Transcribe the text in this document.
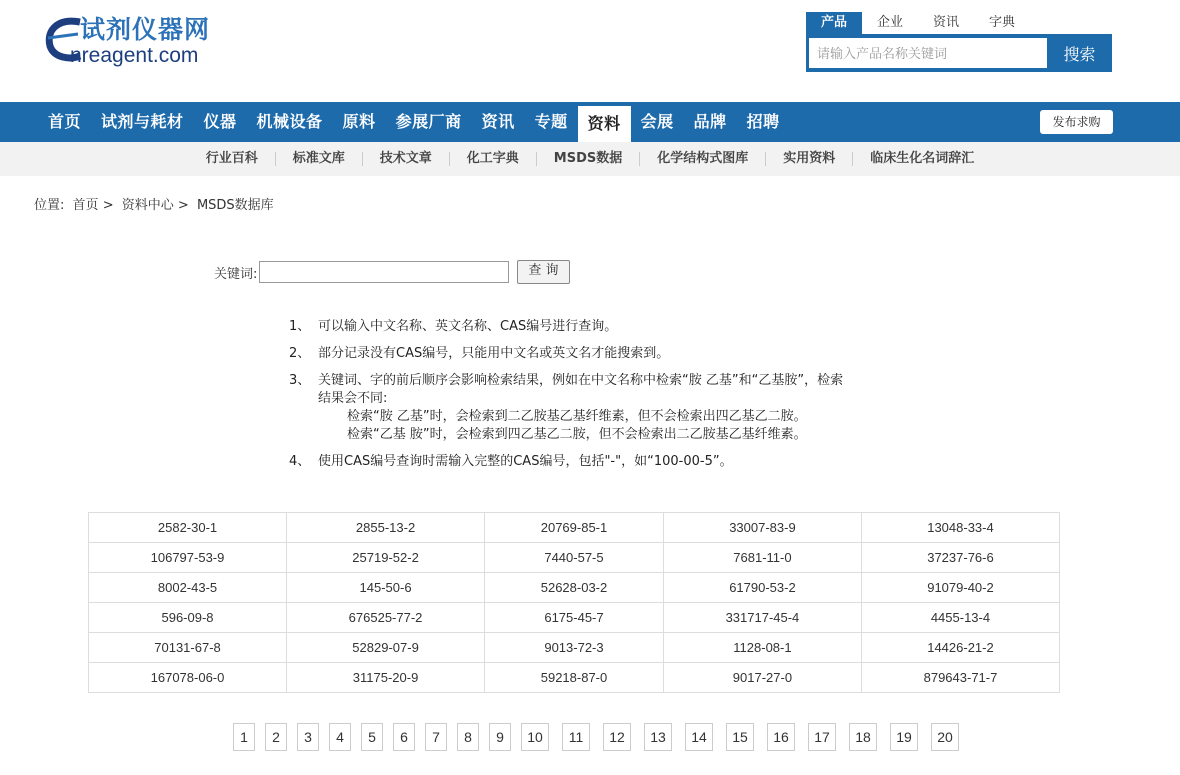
试剂仪器网
nreagent.com
产品	企业	资讯	字典
请输入产品名称关键词
搜索
首页	试剂与耗材	仪器	机械设备	原料	参展厂商	资讯	专题	资料	会展	品牌	招聘	发布求购
行业百科	标准文库	技术文章	化工字典	MSDS数据	化学结构式图库	实用资料	临床生化名词辞汇
位置: 首页 > 资料中心 > MSDS数据库
关键词:	查 询
1、 可以输入中文名称、英文名称、CAS编号进行查询。
2、 部分记录没有CAS编号，只能用中文名或英文名才能搜索到。
3、 关键词、字的前后顺序会影响检索结果，例如在中文名称中检索“胺 乙基”和“乙基胺”，检索结果会不同:
检索“胺 乙基”时，会检索到二乙胺基乙基纤维素，但不会检索出四乙基乙二胺。
检索“乙基 胺”时，会检索到四乙基乙二胺，但不会检索出二乙胺基乙基纤维素。
4、 使用CAS编号查询时需输入完整的CAS编号，包括"-"，如“100-00-5”。
2582-30-1	2855-13-2	20769-85-1	33007-83-9	13048-33-4
106797-53-9	25719-52-2	7440-57-5	7681-11-0	37237-76-6
8002-43-5	145-50-6	52628-03-2	61790-53-2	91079-40-2
596-09-8	676525-77-2	6175-45-7	331717-45-4	4455-13-4
70131-67-8	52829-07-9	9013-72-3	1128-08-1	14426-21-2
167078-06-0	31175-20-9	59218-87-0	9017-27-0	879643-71-7
1	2	3	4	5	6	7	8	9	10	11	12	13	14	15	16	17	18	19	20
